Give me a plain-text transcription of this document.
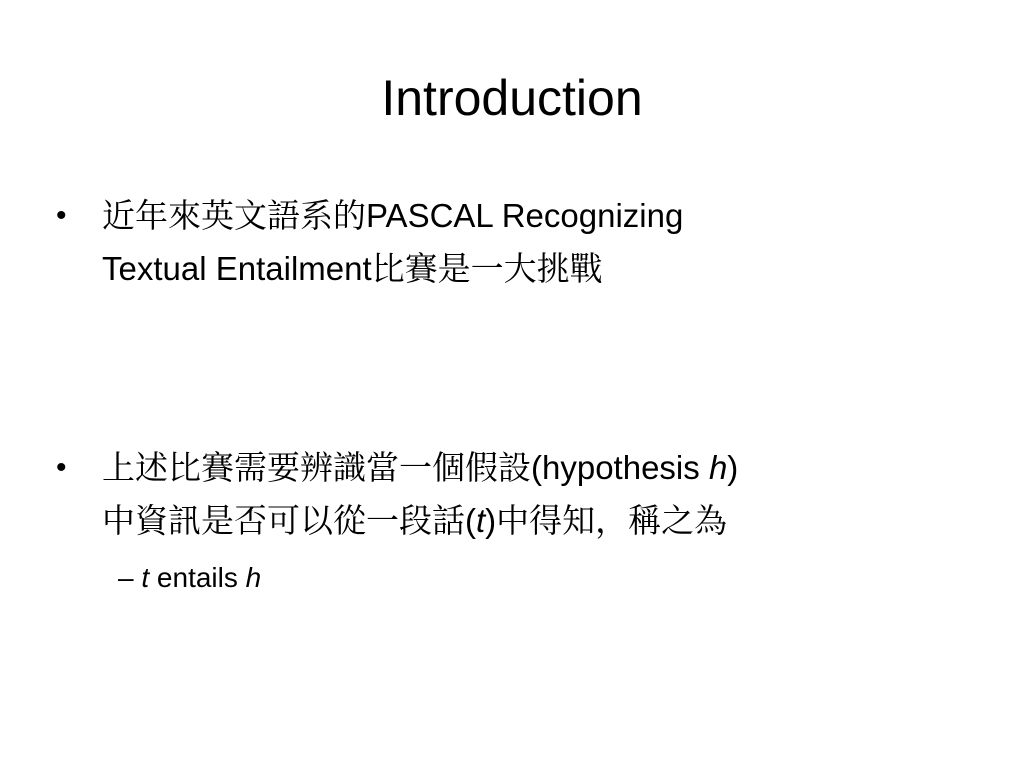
Introduction
•	近年來英文語系的PASCAL Recognizing
Textual Entailment比賽是一大挑戰
•	上述比賽需要辨識當一個假設(hypothesis h)
中資訊是否可以從一段話(t)中得知，稱之為
– t entails h
